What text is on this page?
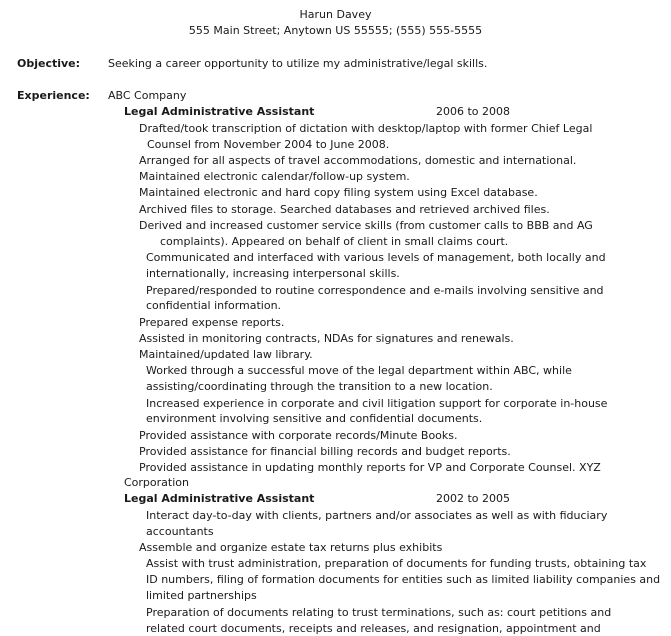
Harun Davey
555 Main Street; Anytown US 55555; (555) 555-5555
Objective:	Seeking a career opportunity to utilize my administrative/legal skills.
Experience: ABC Company
Legal Administrative Assistant	2006 to 2008
Drafted/took transcription of dictation with desktop/laptop with former Chief Legal
Counsel from November 2004 to June 2008.
Arranged for all aspects of travel accommodations, domestic and international.
Maintained electronic calendar/follow-up system.
Maintained electronic and hard copy filing system using Excel database.
Archived files to storage. Searched databases and retrieved archived files.
Derived and increased customer service skills (from customer calls to BBB and AG
complaints). Appeared on behalf of client in small claims court.
Communicated and interfaced with various levels of management, both locally and
internationally, increasing interpersonal skills.
Prepared/responded to routine correspondence and e-mails involving sensitive and
confidential information.
Prepared expense reports.
Assisted in monitoring contracts, NDAs for signatures and renewals.
Maintained/updated law library.
Worked through a successful move of the legal department within ABC, while
assisting/coordinating through the transition to a new location.
Increased experience in corporate and civil litigation support for corporate in-house
environment involving sensitive and confidential documents.
Provided assistance with corporate records/Minute Books.
Provided assistance for financial billing records and budget reports.
Provided assistance in updating monthly reports for VP and Corporate Counsel. XYZ
Corporation
Legal Administrative Assistant	2002 to 2005
Interact day-to-day with clients, partners and/or associates as well as with fiduciary
accountants
Assemble and organize estate tax returns plus exhibits
Assist with trust administration, preparation of documents for funding trusts, obtaining tax
ID numbers, filing of formation documents for entities such as limited liability companies and
limited partnerships
Preparation of documents relating to trust terminations, such as: court petitions and
related court documents, receipts and releases, and resignation, appointment and
